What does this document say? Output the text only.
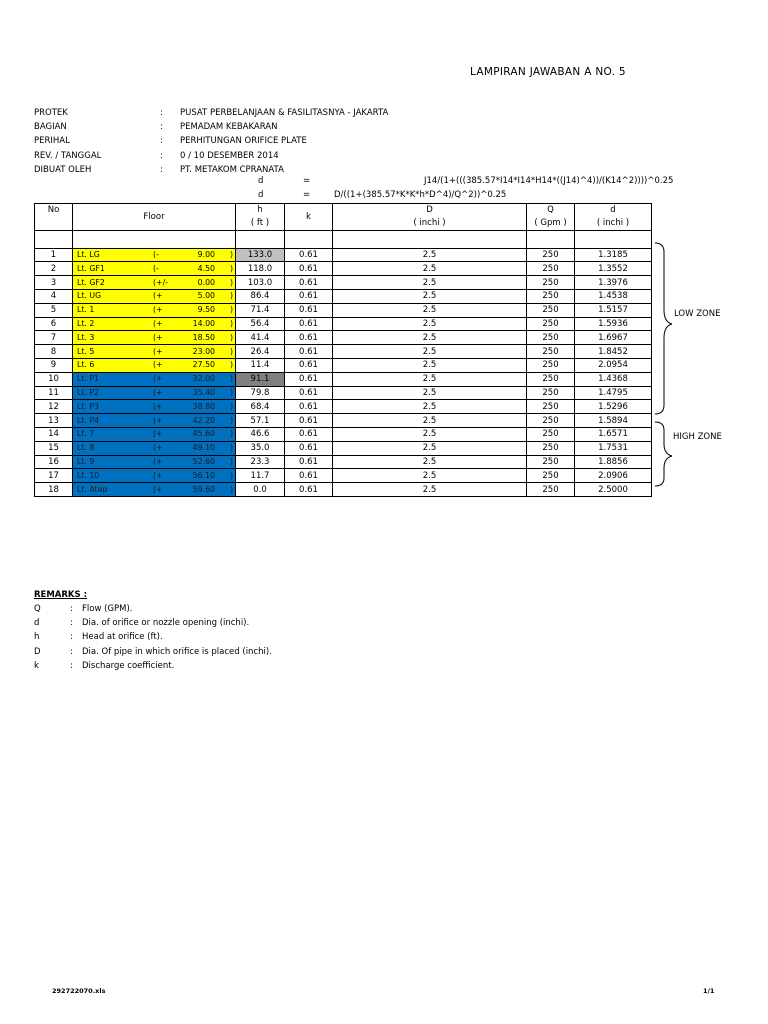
LAMPIRAN JAWABAN A NO. 5
PROTEK	: PUSAT PERBELANJAAN & FASILITASNYA - JAKARTA
BAGIAN	: PEMADAM KEBAKARAN
PERIHAL	: PERHITUNGAN ORIFICE PLATE
REV. / TANGGAL	: 0 / 10 DESEMBER 2014
DIBUAT OLEH	: PT. METAKOM CPRANATA
d	=	J14/(1+(((385.57*I14*I14*H14*((J14)^4))/(K14^2))))^0.25
d	=	D/((1+(385.57*K*K*h*D^4)/Q^2))^0.25
No	Floor	h	k	D	Q	d
		( ft )		( inchi )	( Gpm )	( inchi )

1	Lt. LG (- 9.00 )	133.0	0.61	2.5	250	1.3185
2	Lt. GF1 (- 4.50 )	118.0	0.61	2.5	250	1.3552
3	Lt. GF2 (+/- 0.00 )	103.0	0.61	2.5	250	1.3976
4	Lt. UG (+ 5.00 )	86.4	0.61	2.5	250	1.4538
5	Lt. 1 (+ 9.50 )	71.4	0.61	2.5	250	1.5157
6	Lt. 2 (+ 14.00 )	56.4	0.61	2.5	250	1.5936
7	Lt. 3 (+ 18.50 )	41.4	0.61	2.5	250	1.6967
8	Lt. 5 (+ 23.00 )	26.4	0.61	2.5	250	1.8452
9	Lt. 6 (+ 27.50 )	11.4	0.61	2.5	250	2.0954
10	Lt. P1 (+ 32.00 )	91.1	0.61	2.5	250	1.4368
11	Lt. P2 (+ 35.40 )	79.8	0.61	2.5	250	1.4795
12	Lt. P3 (+ 38.80 )	68.4	0.61	2.5	250	1.5296
13	Lt. P4 (+ 42.20 )	57.1	0.61	2.5	250	1.5894
14	Lt. 7 (+ 45.60 )	46.6	0.61	2.5	250	1.6571
15	Lt. 8 (+ 49.10 )	35.0	0.61	2.5	250	1.7531
16	Lt. 9 (+ 52.60 )	23.3	0.61	2.5	250	1.8856
17	Lt. 10 (+ 56.10 )	11.7	0.61	2.5	250	2.0906
18	Lt. Atap (+ 59.60 )	0.0	0.61	2.5	250	2.5000
LOW ZONE
HIGH ZONE
REMARKS :
Q	: Flow (GPM).
d	: Dia. of orifice or nozzle opening (inchi).
h	: Head at orifice (ft).
D	: Dia. Of pipe in which orifice is placed (inchi).
k	: Discharge coefficient.
292722070.xls	1/1
